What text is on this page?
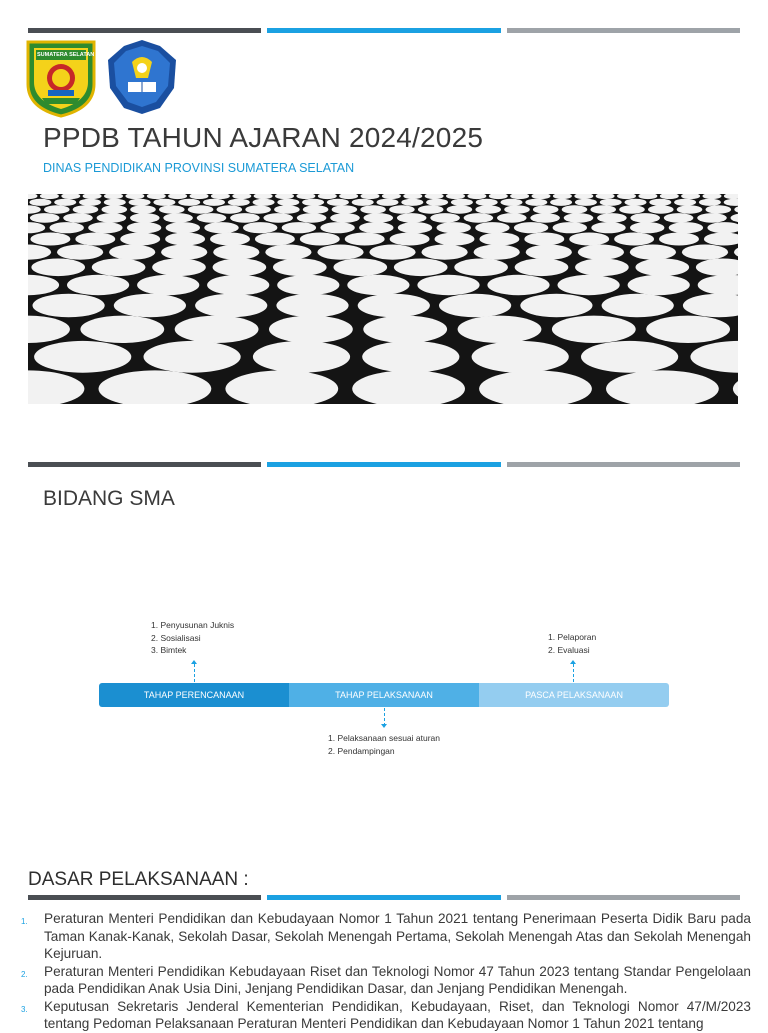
SUMATERA SELATAN
PPDB TAHUN AJARAN 2024/2025
DINAS PENDIDIKAN PROVINSI SUMATERA SELATAN
BIDANG SMA
1. Penyusunan Juknis
2. Sosialisasi
3. Bimtek
1. Pelaporan
2. Evaluasi
TAHAP PERENCANAAN	TAHAP PELAKSANAAN	PASCA PELAKSANAAN
1. Pelaksanaan sesuai aturan
2. Pendampingan
DASAR PELAKSANAAN :
1. Peraturan Menteri Pendidikan dan Kebudayaan Nomor 1 Tahun 2021 tentang Penerimaan Peserta Didik Baru pada Taman Kanak-Kanak, Sekolah Dasar, Sekolah Menengah Pertama, Sekolah Menengah Atas dan Sekolah Menengah Kejuruan.
2. Peraturan Menteri Pendidikan Kebudayaan Riset dan Teknologi Nomor 47 Tahun 2023 tentang Standar Pengelolaan pada Pendidikan Anak Usia Dini, Jenjang Pendidikan Dasar, dan Jenjang Pendidikan Menengah.
3. Keputusan Sekretaris Jenderal Kementerian Pendidikan, Kebudayaan, Riset, dan Teknologi Nomor 47/M/2023 tentang Pedoman Pelaksanaan Peraturan Menteri Pendidikan dan Kebudayaan Nomor 1 Tahun 2021 tentang
